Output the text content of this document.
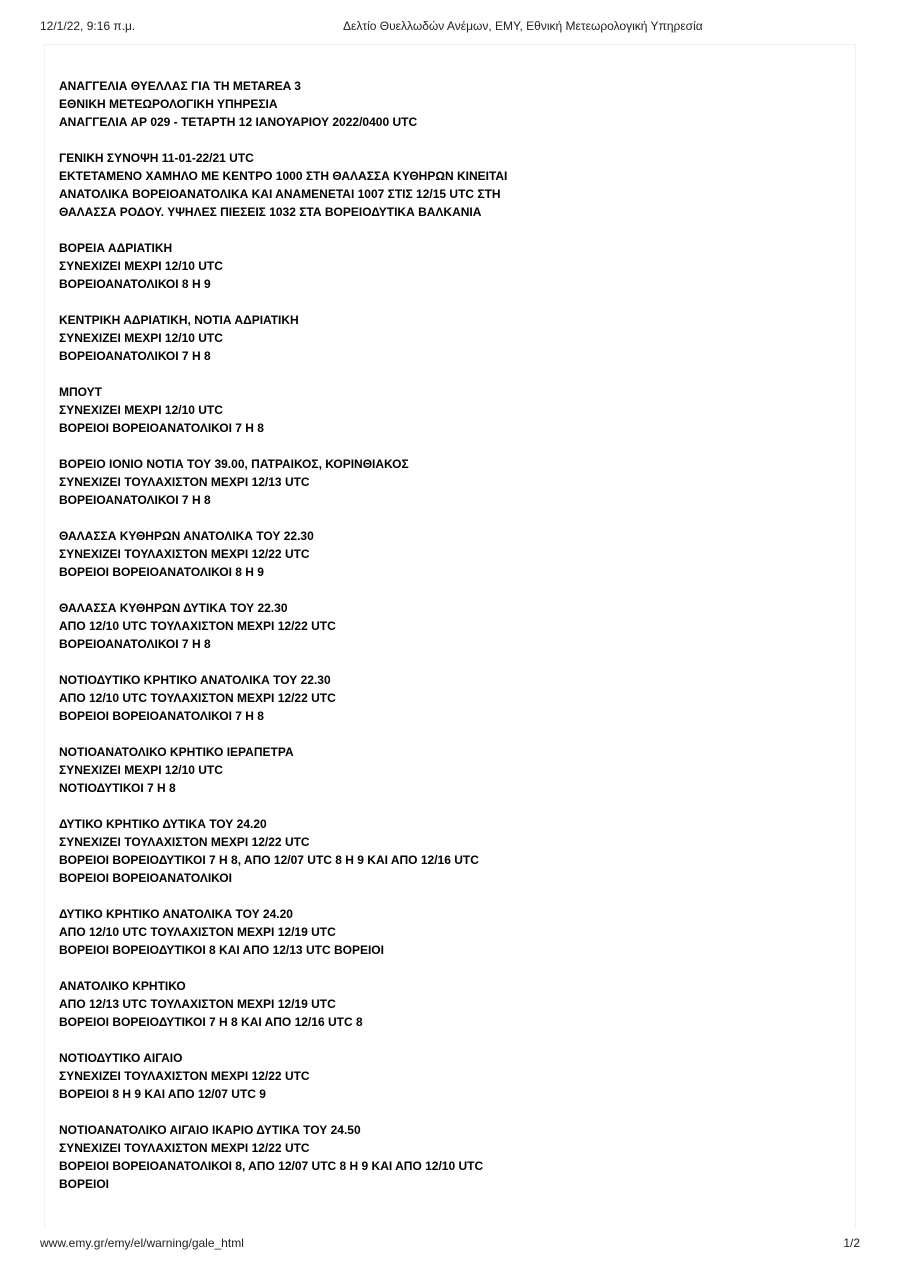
12/1/22, 9:16 π.μ.	Δελτίο Θυελλωδών Ανέμων, ΕΜΥ, Εθνική Μετεωρολογική Υπηρεσία
ΑΝΑΓΓΕΛΙΑ ΘΥΕΛΛΑΣ ΓΙΑ ΤΗ ΜΕΤΑREA 3
ΕΘΝΙΚΗ ΜΕΤΕΩΡΟΛΟΓΙΚΗ ΥΠΗΡΕΣΙΑ
ΑΝΑΓΓΕΛΙΑ ΑΡ 029 - ΤΕΤΑΡΤΗ 12 ΙΑΝΟΥΑΡΙΟΥ 2022/0400 UTC
ΓΕΝΙΚΗ ΣΥΝΟΨΗ 11-01-22/21 UTC
ΕΚΤΕΤΑΜΕΝΟ ΧΑΜΗΛΟ ΜΕ ΚΕΝΤΡΟ 1000 ΣΤΗ ΘΑΛΑΣΣΑ ΚΥΘΗΡΩΝ ΚΙΝΕΙΤΑΙ
ΑΝΑΤΟΛΙΚΑ ΒΟΡΕΙΟΑΝΑΤΟΛΙΚΑ ΚΑΙ ΑΝΑΜΕΝΕΤΑΙ 1007 ΣΤΙΣ 12/15 UTC ΣΤΗ
ΘΑΛΑΣΣΑ ΡΟΔΟΥ. ΥΨΗΛΕΣ ΠΙΕΣΕΙΣ 1032 ΣΤΑ ΒΟΡΕΙΟΔΥΤΙΚΑ ΒΑΛΚΑΝΙΑ
ΒΟΡΕΙΑ ΑΔΡΙΑΤΙΚΗ
ΣΥΝΕΧΙΖΕΙ ΜΕΧΡΙ 12/10 UTC
ΒΟΡΕΙΟΑΝΑΤΟΛΙΚΟΙ 8 Η 9
ΚΕΝΤΡΙΚΗ ΑΔΡΙΑΤΙΚΗ, ΝΟΤΙΑ ΑΔΡΙΑΤΙΚΗ
ΣΥΝΕΧΙΖΕΙ ΜΕΧΡΙ 12/10 UTC
ΒΟΡΕΙΟΑΝΑΤΟΛΙΚΟΙ 7 Η 8
ΜΠΟΥΤ
ΣΥΝΕΧΙΖΕΙ ΜΕΧΡΙ 12/10 UTC
ΒΟΡΕΙΟΙ ΒΟΡΕΙΟΑΝΑΤΟΛΙΚΟΙ 7 Η 8
ΒΟΡΕΙΟ ΙΟΝΙΟ ΝΟΤΙΑ ΤΟΥ 39.00, ΠΑΤΡΑΙΚΟΣ, ΚΟΡΙΝΘΙΑΚΟΣ
ΣΥΝΕΧΙΖΕΙ ΤΟΥΛΑΧΙΣΤΟΝ ΜΕΧΡΙ 12/13 UTC
ΒΟΡΕΙΟΑΝΑΤΟΛΙΚΟΙ 7 Η 8
ΘΑΛΑΣΣΑ ΚΥΘΗΡΩΝ ΑΝΑΤΟΛΙΚΑ ΤΟΥ 22.30
ΣΥΝΕΧΙΖΕΙ ΤΟΥΛΑΧΙΣΤΟΝ ΜΕΧΡΙ 12/22 UTC
ΒΟΡΕΙΟΙ ΒΟΡΕΙΟΑΝΑΤΟΛΙΚΟΙ 8 Η 9
ΘΑΛΑΣΣΑ ΚΥΘΗΡΩΝ ΔΥΤΙΚΑ ΤΟΥ 22.30
ΑΠΟ 12/10 UTC ΤΟΥΛΑΧΙΣΤΟΝ ΜΕΧΡΙ 12/22 UTC
ΒΟΡΕΙΟΑΝΑΤΟΛΙΚΟΙ 7 Η 8
ΝΟΤΙΟΔΥΤΙΚΟ ΚΡΗΤΙΚΟ ΑΝΑΤΟΛΙΚΑ ΤΟΥ 22.30
ΑΠΟ 12/10 UTC ΤΟΥΛΑΧΙΣΤΟΝ ΜΕΧΡΙ 12/22 UTC
ΒΟΡΕΙΟΙ ΒΟΡΕΙΟΑΝΑΤΟΛΙΚΟΙ 7 Η 8
ΝΟΤΙΟΑΝΑΤΟΛΙΚΟ ΚΡΗΤΙΚΟ ΙΕΡΑΠΕΤΡΑ
ΣΥΝΕΧΙΖΕΙ ΜΕΧΡΙ 12/10 UTC
ΝΟΤΙΟΔΥΤΙΚΟΙ 7 Η 8
ΔΥΤΙΚΟ ΚΡΗΤΙΚΟ ΔΥΤΙΚΑ ΤΟΥ 24.20
ΣΥΝΕΧΙΖΕΙ ΤΟΥΛΑΧΙΣΤΟΝ ΜΕΧΡΙ 12/22 UTC
ΒΟΡΕΙΟΙ ΒΟΡΕΙΟΔΥΤΙΚΟΙ 7 Η 8, ΑΠΟ 12/07 UTC 8 Η 9 ΚΑΙ ΑΠΟ 12/16 UTC
ΒΟΡΕΙΟΙ ΒΟΡΕΙΟΑΝΑΤΟΛΙΚΟΙ
ΔΥΤΙΚΟ ΚΡΗΤΙΚΟ ΑΝΑΤΟΛΙΚΑ ΤΟΥ 24.20
ΑΠΟ 12/10 UTC ΤΟΥΛΑΧΙΣΤΟΝ ΜΕΧΡΙ 12/19 UTC
ΒΟΡΕΙΟΙ ΒΟΡΕΙΟΔΥΤΙΚΟΙ 8 ΚΑΙ ΑΠΟ 12/13 UTC ΒΟΡΕΙΟΙ
ΑΝΑΤΟΛΙΚΟ ΚΡΗΤΙΚΟ
ΑΠΟ 12/13 UTC ΤΟΥΛΑΧΙΣΤΟΝ ΜΕΧΡΙ 12/19 UTC
ΒΟΡΕΙΟΙ ΒΟΡΕΙΟΔΥΤΙΚΟΙ 7 Η 8 ΚΑΙ ΑΠΟ 12/16 UTC 8
ΝΟΤΙΟΔΥΤΙΚΟ ΑΙΓΑΙΟ
ΣΥΝΕΧΙΖΕΙ ΤΟΥΛΑΧΙΣΤΟΝ ΜΕΧΡΙ 12/22 UTC
ΒΟΡΕΙΟΙ 8 Η 9 ΚΑΙ ΑΠΟ 12/07 UTC 9
ΝΟΤΙΟΑΝΑΤΟΛΙΚΟ ΑΙΓΑΙΟ ΙΚΑΡΙΟ ΔΥΤΙΚΑ ΤΟΥ 24.50
ΣΥΝΕΧΙΖΕΙ ΤΟΥΛΑΧΙΣΤΟΝ ΜΕΧΡΙ 12/22 UTC
ΒΟΡΕΙΟΙ ΒΟΡΕΙΟΑΝΑΤΟΛΙΚΟΙ 8, ΑΠΟ 12/07 UTC 8 Η 9 ΚΑΙ ΑΠΟ 12/10 UTC
ΒΟΡΕΙΟΙ
www.emy.gr/emy/el/warning/gale_html	1/2
